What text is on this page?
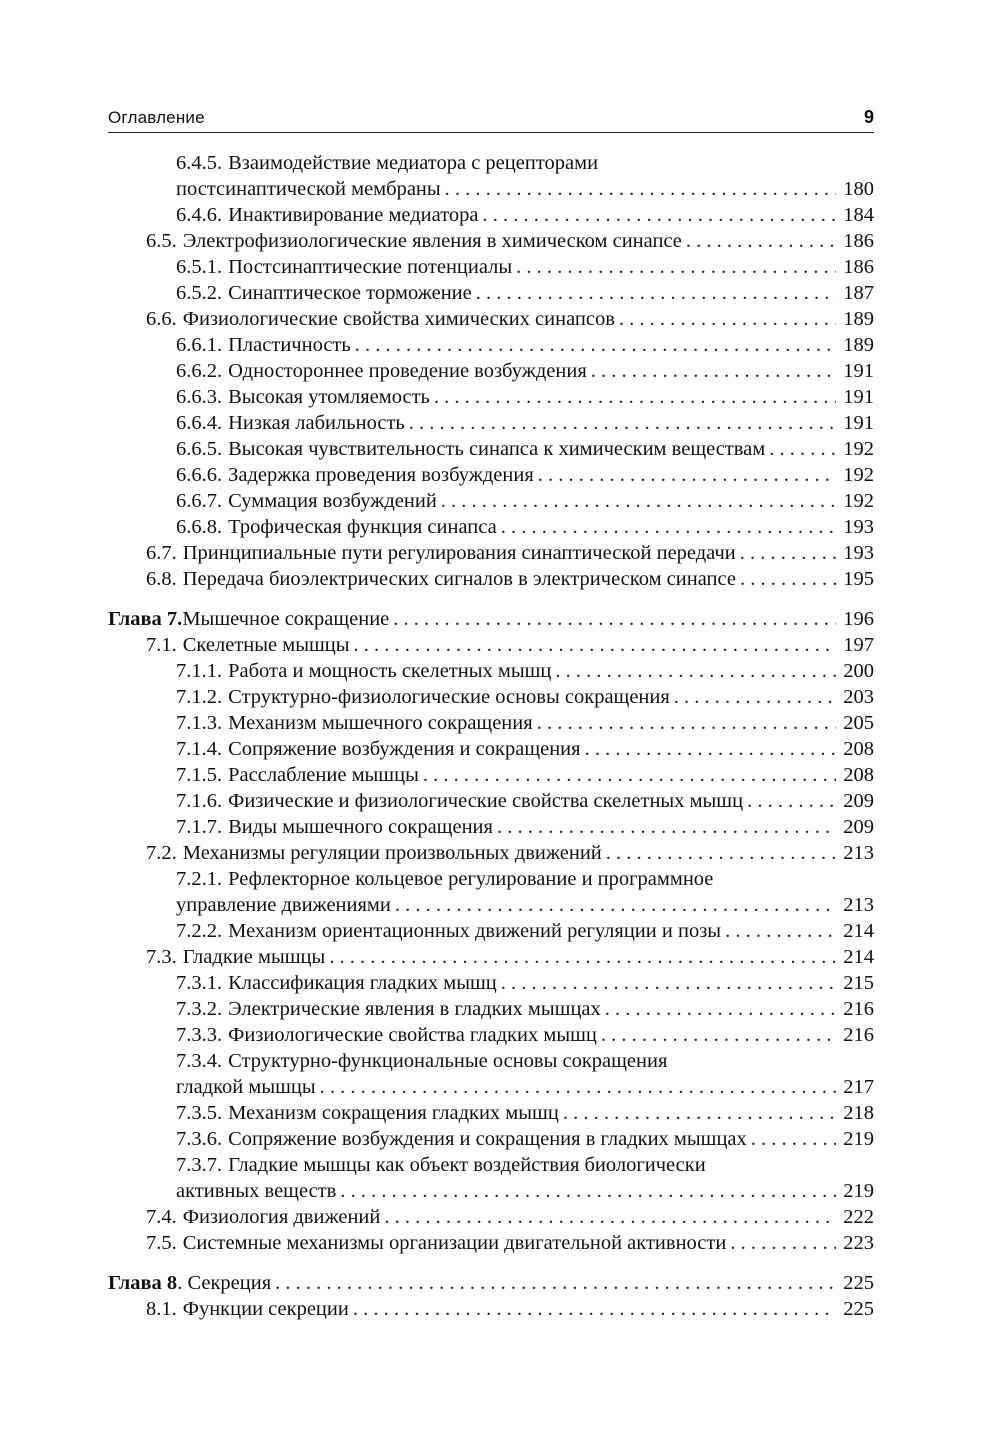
Оглавление	9
6.4.5. Взаимодействие медиатора с рецепторами
постсинаптической мембраны . . .	180
6.4.6. Инактивирование медиатора . . .	184
6.5. Электрофизиологические явления в химическом синапсе . . .	186
6.5.1. Постсинаптические потенциалы . . .	186
6.5.2. Синаптическое торможение . . .	187
6.6. Физиологические свойства химических синапсов . . .	189
6.6.1. Пластичность . . .	189
6.6.2. Одностороннее проведение возбуждения . . .	191
6.6.3. Высокая утомляемость . . .	191
6.6.4. Низкая лабильность . . .	191
6.6.5. Высокая чувствительность синапса к химическим веществам . . .	192
6.6.6. Задержка проведения возбуждения . . .	192
6.6.7. Суммация возбуждений . . .	192
6.6.8. Трофическая функция синапса . . .	193
6.7. Принципиальные пути регулирования синаптической передачи . . .	193
6.8. Передача биоэлектрических сигналов в электрическом синапсе . . .	195
Глава 7. Мышечное сокращение . . .	196
7.1. Скелетные мышцы . . .	197
7.1.1. Работа и мощность скелетных мышц . . .	200
7.1.2. Структурно-физиологические основы сокращения . . .	203
7.1.3. Механизм мышечного сокращения . . .	205
7.1.4. Сопряжение возбуждения и сокращения . . .	208
7.1.5. Расслабление мышцы . . .	208
7.1.6. Физические и физиологические свойства скелетных мышц . . .	209
7.1.7. Виды мышечного сокращения . . .	209
7.2. Механизмы регуляции произвольных движений . . .	213
7.2.1. Рефлекторное кольцевое регулирование и программное
управление движениями . . .	213
7.2.2. Механизм ориентационных движений регуляции и позы . . .	214
7.3. Гладкие мышцы . . .	214
7.3.1. Классификация гладких мышц . . .	215
7.3.2. Электрические явления в гладких мышцах . . .	216
7.3.3. Физиологические свойства гладких мышц . . .	216
7.3.4. Структурно-функциональные основы сокращения
гладкой мышцы . . .	217
7.3.5. Механизм сокращения гладких мышц . . .	218
7.3.6. Сопряжение возбуждения и сокращения в гладких мышцах . . .	219
7.3.7. Гладкие мышцы как объект воздействия биологически
активных веществ . . .	219
7.4. Физиология движений . . .	222
7.5. Системные механизмы организации двигательной активности . . .	223
Глава 8 . Секреция . . .	225
8.1. Функции секреции . . .	225
